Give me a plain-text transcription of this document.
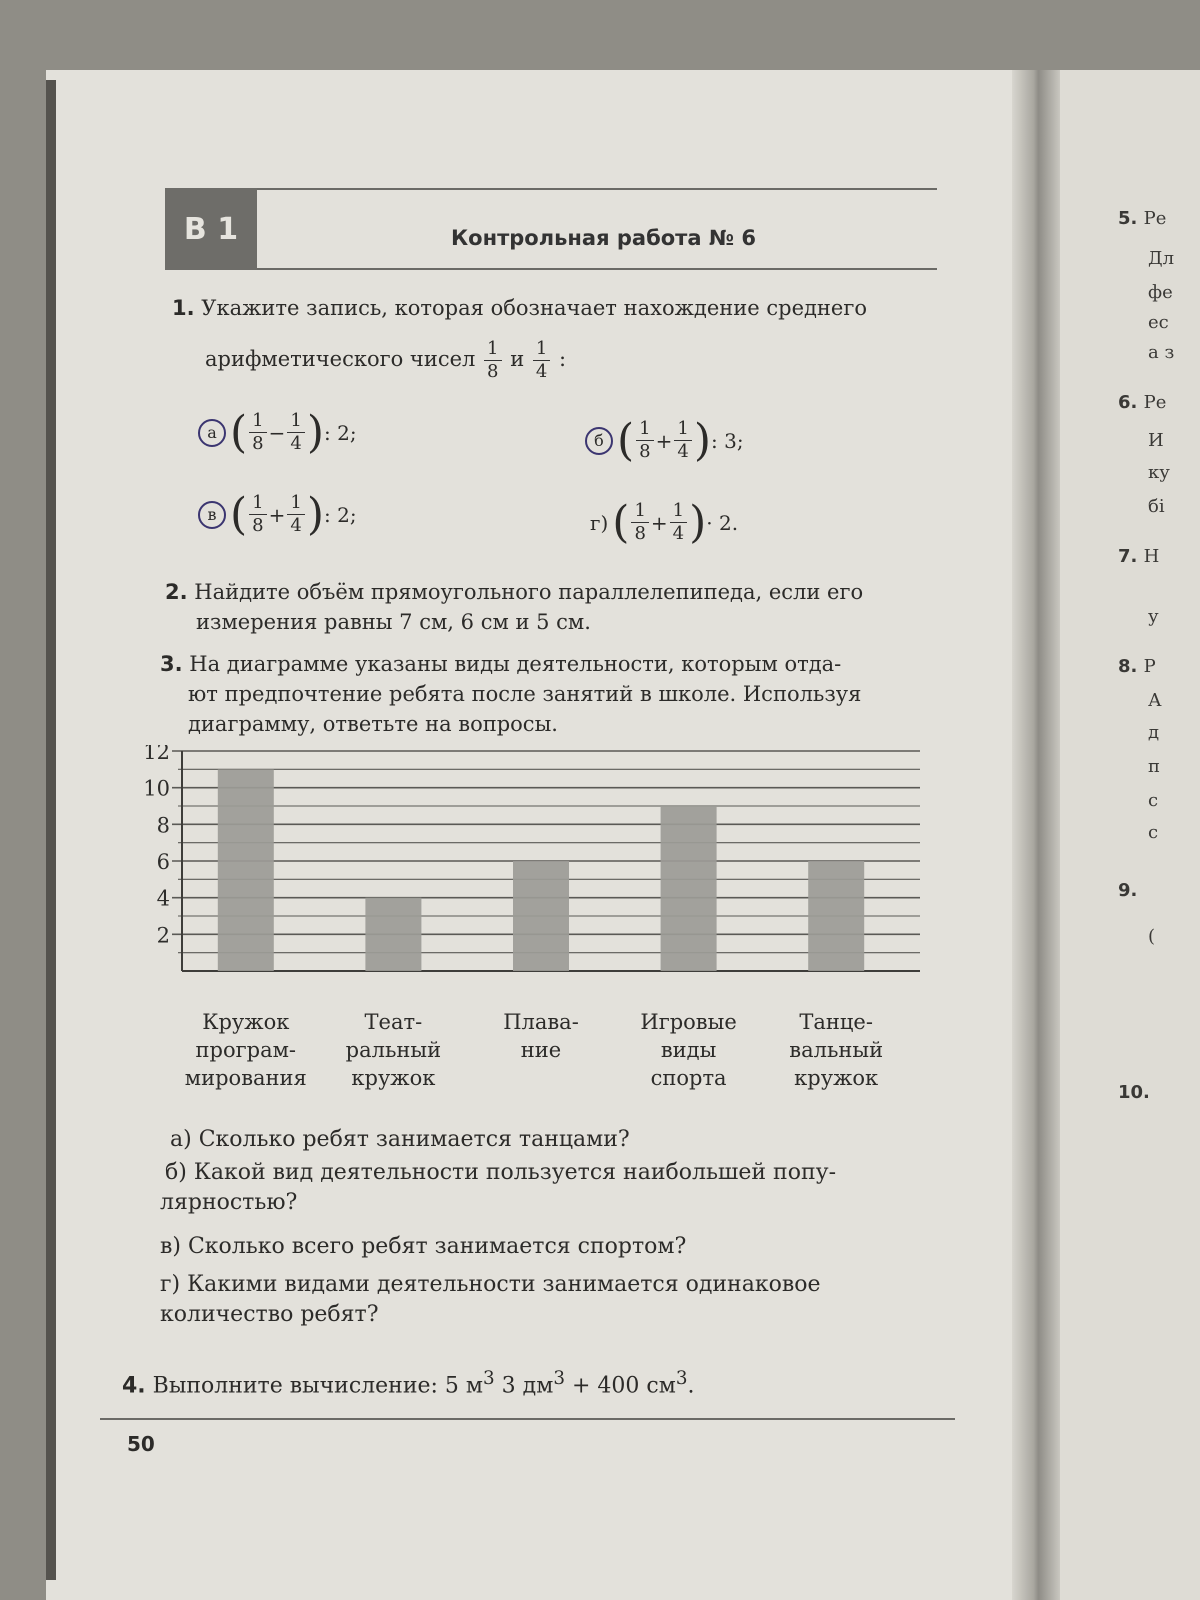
В 1	Контрольная работа № 6
1. Укажите запись, которая обозначает нахождение среднего
арифметического чисел $\frac{1}{8}$ и $\frac{1}{4}$ :
а ( $\frac{1}{8} - \frac{1}{4}$ ) : 2;	б ( $\frac{1}{8} + \frac{1}{4}$ ) : 3;
в ( $\frac{1}{8} + \frac{1}{4}$ ) : 2;	г) ( $\frac{1}{8} + \frac{1}{4}$ ) · 2.
2. Найдите объём прямоугольного параллелепипеда, если его
измерения равны 7 см, 6 см и 5 см.
3. На диаграмме указаны виды деятельности, которым отда-
ют предпочтение ребята после занятий в школе. Используя
диаграмму, ответьте на вопросы.
12
10
8
6
4
2
Кружок
програм-
мирования
Теат-
ральный
кружок
Плава-
ние
Игровые
виды
спорта
Танце-
вальный
кружок
а) Сколько ребят занимается танцами?
б) Какой вид деятельности пользуется наибольшей попу-
лярностью?
в) Сколько всего ребят занимается спортом?
г) Какими видами деятельности занимается одинаковое
количество ребят?
4. Выполните вычисление: 5 $м^3$ 3 $дм^3 + 400$ $см^3$.
50
5. Ре
Дл
фе
ес
а з
6. Ре
И
ку
бі
7. Н
у
8. Р
А
д
п
с
с
9.
(
10.
